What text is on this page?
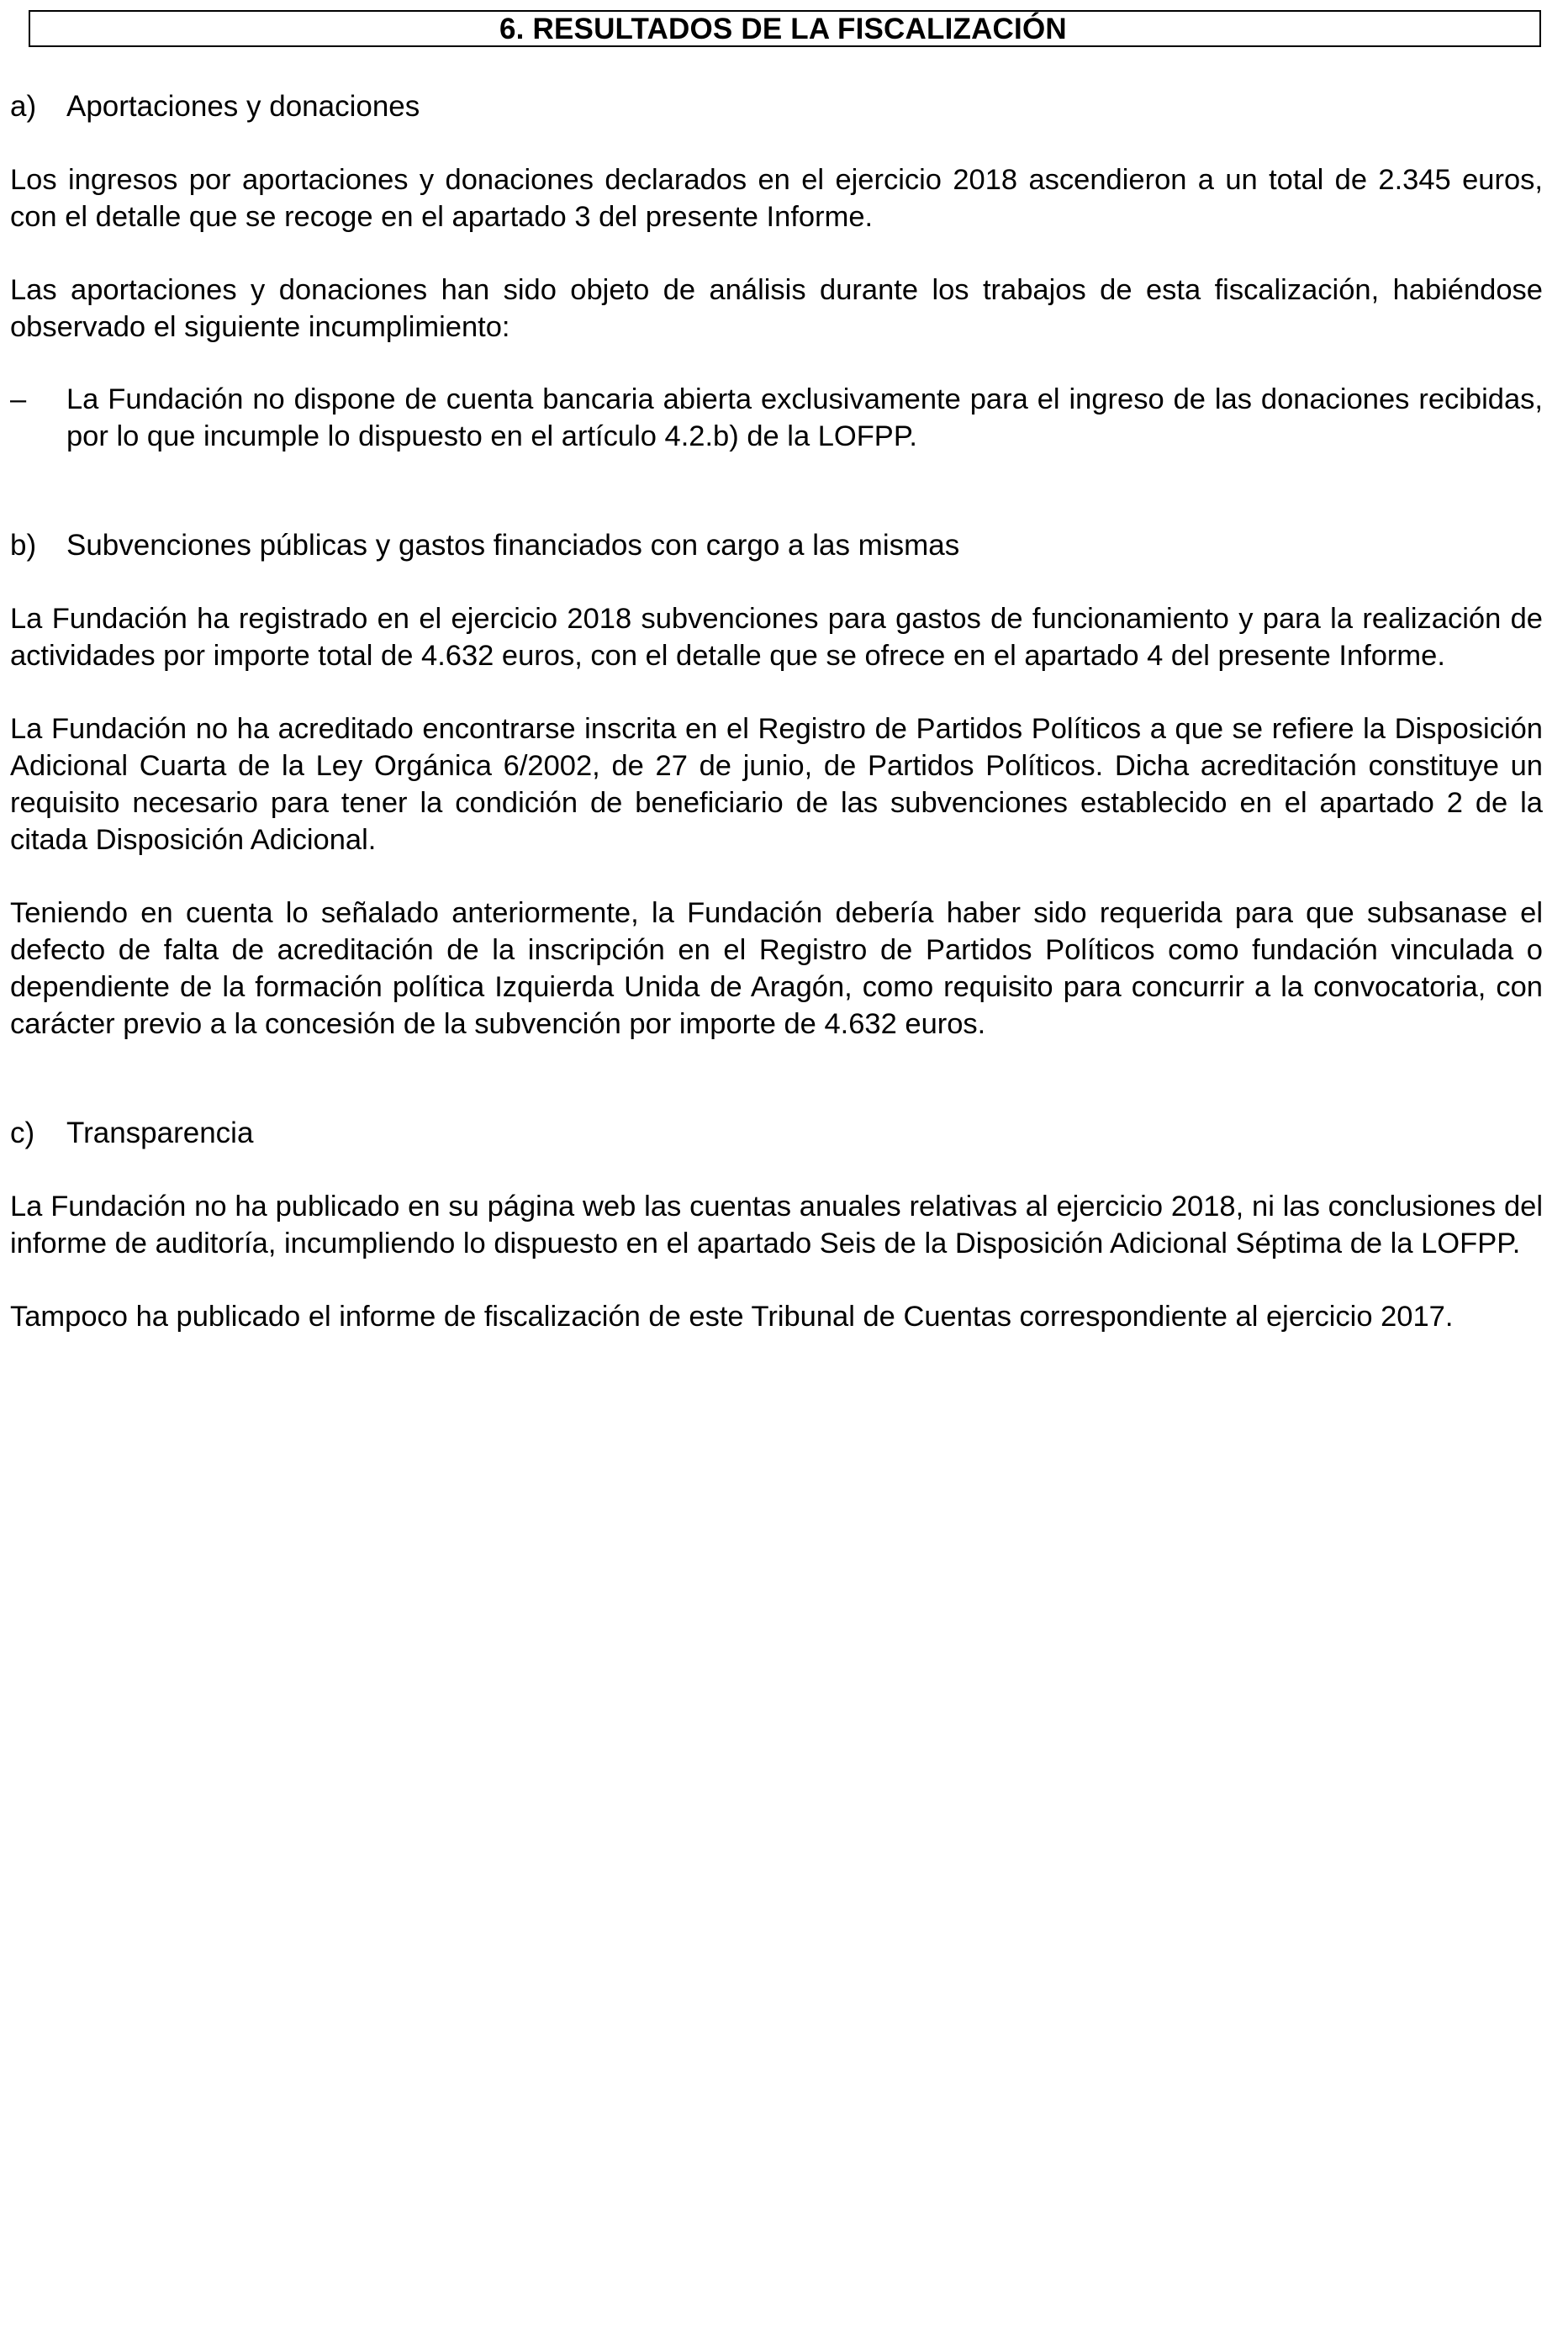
6. RESULTADOS DE LA FISCALIZACIÓN
a)	Aportaciones y donaciones

Los ingresos por aportaciones y donaciones declarados en el ejercicio 2018 ascendieron a un total de 2.345 euros, con el detalle que se recoge en el apartado 3 del presente Informe.

Las aportaciones y donaciones han sido objeto de análisis durante los trabajos de esta fiscalización, habiéndose observado el siguiente incumplimiento:

–	La Fundación no dispone de cuenta bancaria abierta exclusivamente para el ingreso de las donaciones recibidas, por lo que incumple lo dispuesto en el artículo 4.2.b) de la LOFPP.
b)	Subvenciones públicas y gastos financiados con cargo a las mismas

La Fundación ha registrado en el ejercicio 2018 subvenciones para gastos de funcionamiento y para la realización de actividades por importe total de 4.632 euros, con el detalle que se ofrece en el apartado 4 del presente Informe.

La Fundación no ha acreditado encontrarse inscrita en el Registro de Partidos Políticos a que se refiere la Disposición Adicional Cuarta de la Ley Orgánica 6/2002, de 27 de junio, de Partidos Políticos. Dicha acreditación constituye un requisito necesario para tener la condición de beneficiario de las subvenciones establecido en el apartado 2 de la citada Disposición Adicional.

Teniendo en cuenta lo señalado anteriormente, la Fundación debería haber sido requerida para que subsanase el defecto de falta de acreditación de la inscripción en el Registro de Partidos Políticos como fundación vinculada o dependiente de la formación política Izquierda Unida de Aragón, como requisito para concurrir a la convocatoria, con carácter previo a la concesión de la subvención por importe de 4.632 euros.

c)	Transparencia

La Fundación no ha publicado en su página web las cuentas anuales relativas al ejercicio 2018, ni las conclusiones del informe de auditoría, incumpliendo lo dispuesto en el apartado Seis de la Disposición Adicional Séptima de la LOFPP.

Tampoco ha publicado el informe de fiscalización de este Tribunal de Cuentas correspondiente al ejercicio 2017.
